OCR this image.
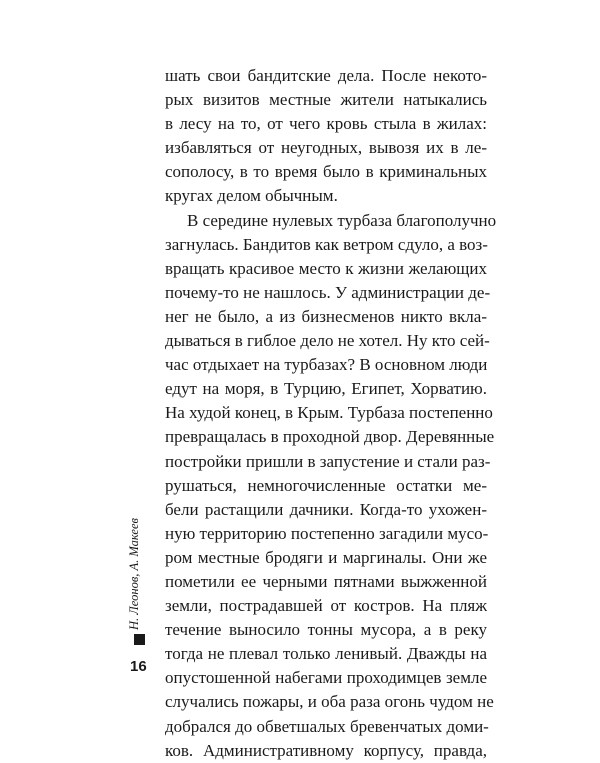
шать свои бандитские дела. После некото-
рых визитов местные жители натыкались
в лесу на то, от чего кровь стыла в жилах:
избавляться от неугодных, вывозя их в ле-
сополосу, в то время было в криминальных
кругах делом обычным.
В середине нулевых турбаза благополучно
загнулась. Бандитов как ветром сдуло, а воз-
вращать красивое место к жизни желающих
почему-то не нашлось. У администрации де-
нег не было, а из бизнесменов никто вкла-
дываться в гиблое дело не хотел. Ну кто сей-
час отдыхает на турбазах? В основном люди
едут на моря, в Турцию, Египет, Хорватию.
На худой конец, в Крым. Турбаза постепенно
превращалась в проходной двор. Деревянные
постройки пришли в запустение и стали раз-
рушаться, немногочисленные остатки ме-
бели растащили дачники. Когда-то ухожен-
ную территорию постепенно загадили мусо-
ром местные бродяги и маргиналы. Они же
пометили ее черными пятнами выжженной
земли, пострадавшей от костров. На пляж
течение выносило тонны мусора, а в реку
тогда не плевал только ленивый. Дважды на
опустошенной набегами проходимцев земле
случались пожары, и оба раза огонь чудом не
добрался до обветшалых бревенчатых доми-
ков. Административному корпусу, правда,
Н. Леонов, А. Макеев
16
